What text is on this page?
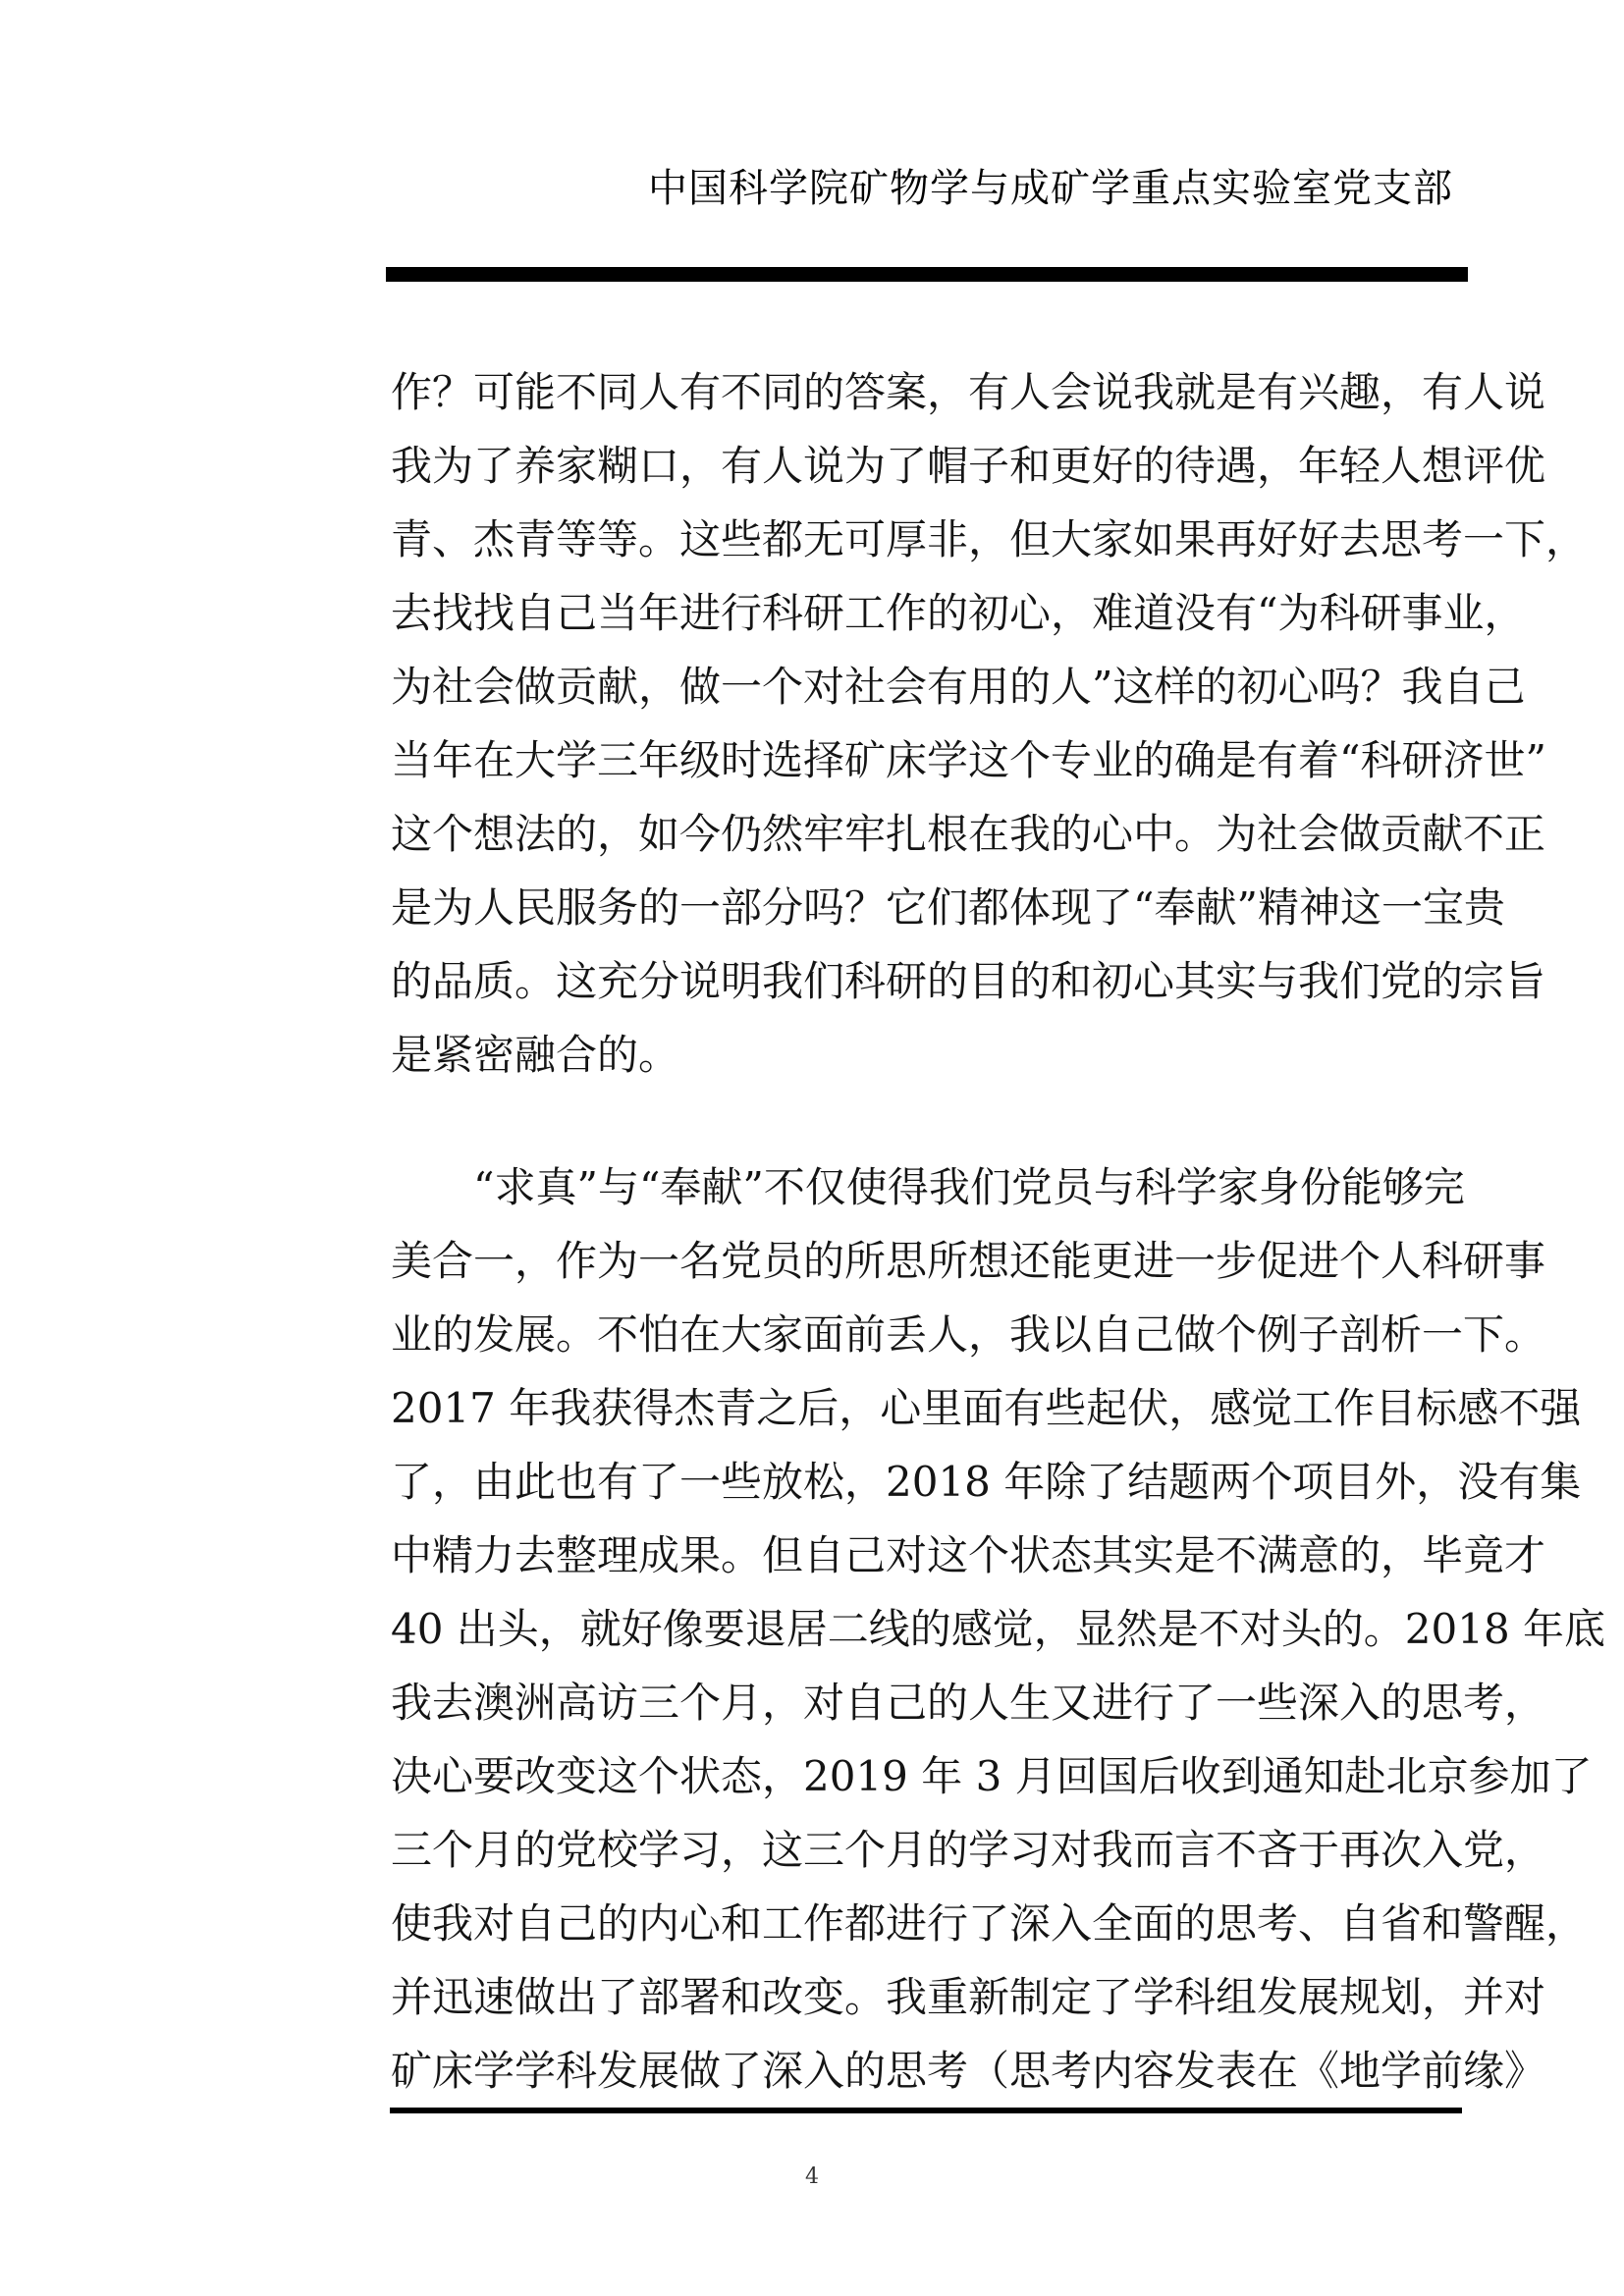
中国科学院矿物学与成矿学重点实验室党支部
作？可能不同人有不同的答案，有人会说我就是有兴趣，有人说
我为了养家糊口，有人说为了帽子和更好的待遇，年轻人想评优
青、杰青等等。这些都无可厚非，但大家如果再好好去思考一下，
去找找自己当年进行科研工作的初心，难道没有“为科研事业，
为社会做贡献，做一个对社会有用的人”这样的初心吗？我自己
当年在大学三年级时选择矿床学这个专业的确是有着“科研济世”
这个想法的，如今仍然牢牢扎根在我的心中。为社会做贡献不正
是为人民服务的一部分吗？它们都体现了“奉献”精神这一宝贵
的品质。这充分说明我们科研的目的和初心其实与我们党的宗旨
是紧密融合的。
“求真”与“奉献”不仅使得我们党员与科学家身份能够完
美合一，作为一名党员的所思所想还能更进一步促进个人科研事
业的发展。不怕在大家面前丢人，我以自己做个例子剖析一下。
2017 年我获得杰青之后，心里面有些起伏，感觉工作目标感不强
了，由此也有了一些放松，2018 年除了结题两个项目外，没有集
中精力去整理成果。但自己对这个状态其实是不满意的，毕竟才
40 出头，就好像要退居二线的感觉，显然是不对头的。2018 年底
我去澳洲高访三个月，对自己的人生又进行了一些深入的思考，
决心要改变这个状态，2019 年 3 月回国后收到通知赴北京参加了
三个月的党校学习，这三个月的学习对我而言不吝于再次入党，
使我对自己的内心和工作都进行了深入全面的思考、自省和警醒，
并迅速做出了部署和改变。我重新制定了学科组发展规划，并对
矿床学学科发展做了深入的思考（思考内容发表在《地学前缘》
4
